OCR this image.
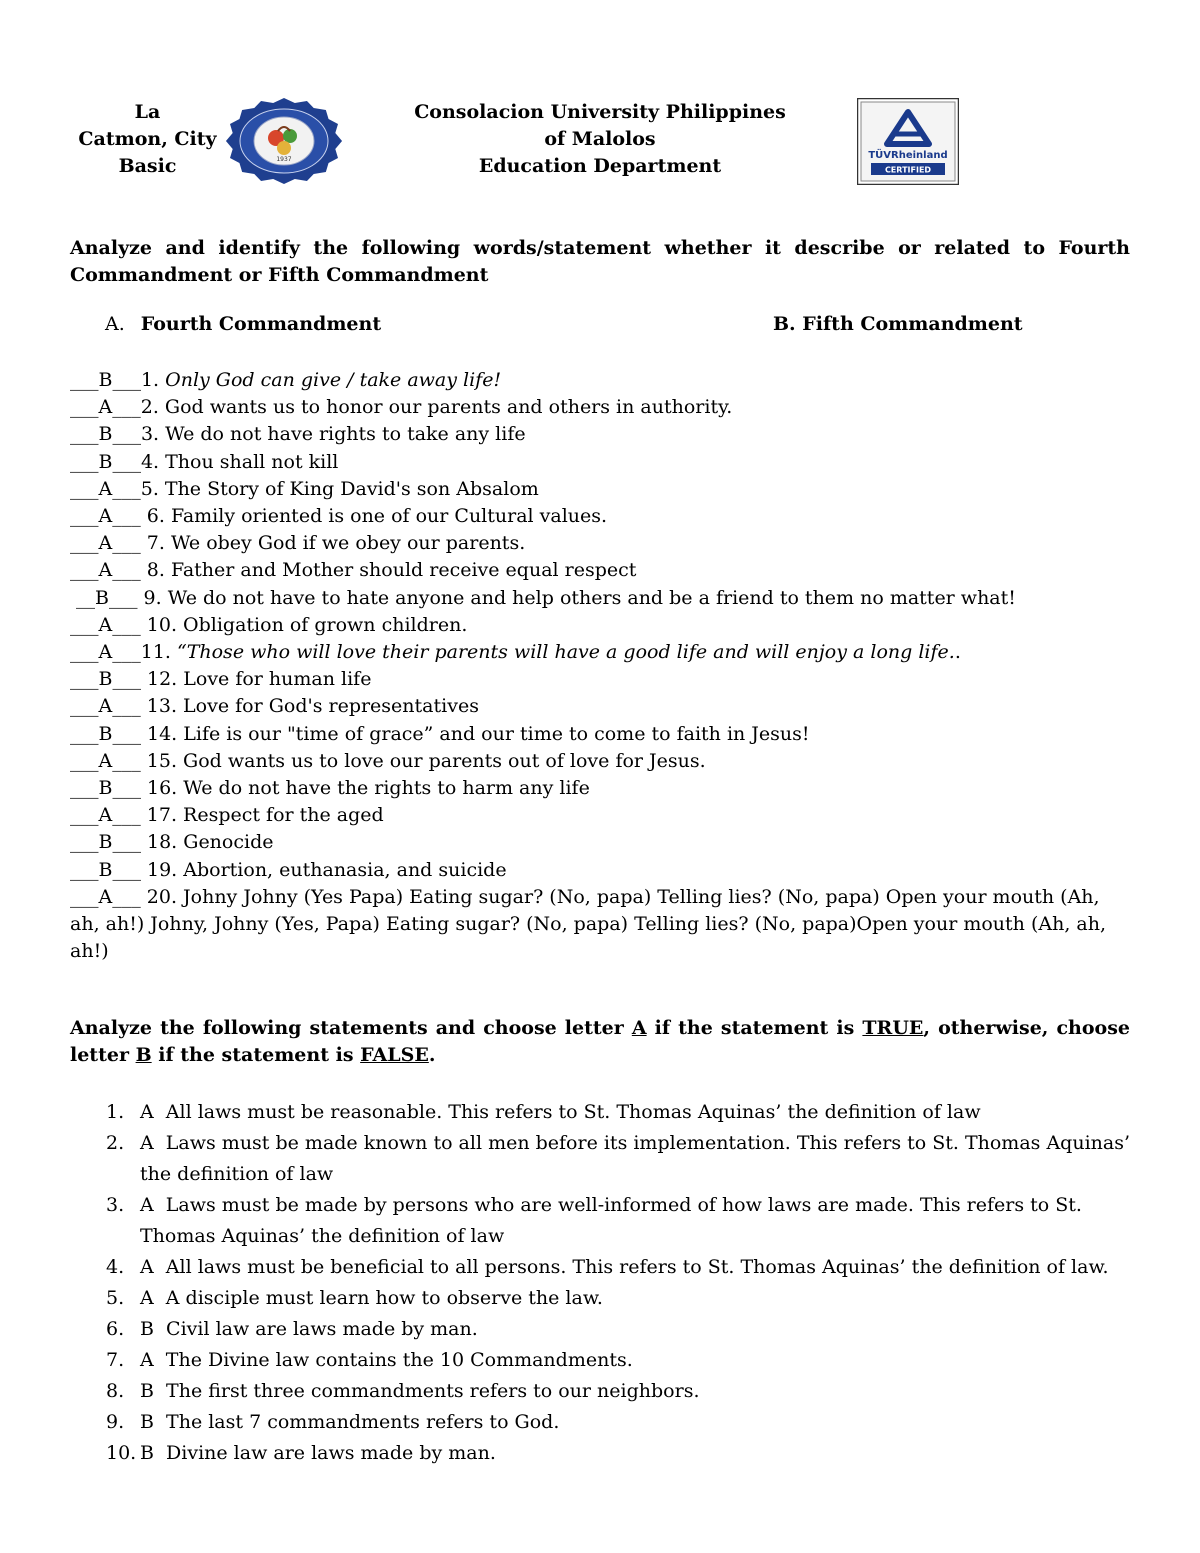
La
Catmon, City
Basic	1937
Consolacion University Philippines
of Malolos
Education Department	TÜVRheinland
CERTIFIED
Analyze and identify the following words/statement whether it describe or related to Fourth
Commandment or Fifth Commandment
A. Fourth Commandment	B. Fifth Commandment
___B___1. Only God can give / take away life!
___A___2. God wants us to honor our parents and others in authority.
___B___3. We do not have rights to take any life
___B___4. Thou shall not kill
___A___5. The Story of King David's son Absalom
___A___ 6. Family oriented is one of our Cultural values.
___A___ 7. We obey God if we obey our parents.
___A___ 8. Father and Mother should receive equal respect
__B___ 9. We do not have to hate anyone and help others and be a friend to them no matter what!
___A___ 10. Obligation of grown children.
___A___11. “Those who will love their parents will have a good life and will enjoy a long life..
___B___ 12. Love for human life
___A___ 13. Love for God's representatives
___B___ 14. Life is our "time of grace” and our time to come to faith in Jesus!
___A___ 15. God wants us to love our parents out of love for Jesus.
___B___ 16. We do not have the rights to harm any life
___A___ 17. Respect for the aged
___B___ 18. Genocide
___B___ 19. Abortion, euthanasia, and suicide
___A___ 20. Johny Johny (Yes Papa) Eating sugar? (No, papa) Telling lies? (No, papa) Open your mouth (Ah, ah, ah!) Johny, Johny (Yes, Papa) Eating sugar? (No, papa) Telling lies? (No, papa)Open your mouth (Ah, ah, ah!)
Analyze the following statements and choose letter A if the statement is TRUE, otherwise, choose letter B if the statement is FALSE.
1. A  All laws must be reasonable. This refers to St. Thomas Aquinas’ the definition of law
2. A  Laws must be made known to all men before its implementation. This refers to St. Thomas Aquinas’ the definition of law
3. A  Laws must be made by persons who are well-informed of how laws are made. This refers to St. Thomas Aquinas’ the definition of law
4. A  All laws must be beneficial to all persons. This refers to St. Thomas Aquinas’ the definition of law.
5. A  A disciple must learn how to observe the law.
6. B  Civil law are laws made by man.
7. A  The Divine law contains the 10 Commandments.
8. B  The first three commandments refers to our neighbors.
9. B  The last 7 commandments refers to God.
10. B  Divine law are laws made by man.
